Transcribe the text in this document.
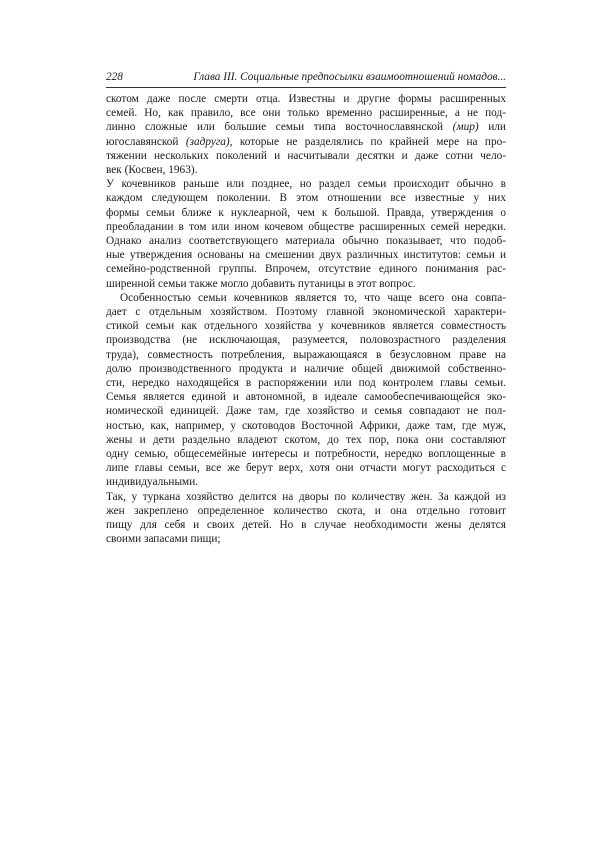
228	Глава III. Социальные предпосылки взаимоотношений номадов...

скотом даже после смерти отца. Известны и другие формы расширенных
семей. Но, как правило, все они только временно расширенные, а не под-
линно сложные или большие семьи типа восточнославянской (мир) или
югославянской (задруга), которые не разделялись по крайней мере на про-
тяжении нескольких поколений и насчитывали десятки и даже сотни чело-
век (Косвен, 1963).

У кочевников раньше или позднее, но раздел семьи происходит обычно в
каждом следующем поколении. В этом отношении все известные у них
формы семьи ближе к нуклеарной, чем к большой. Правда, утверждения о
преобладании в том или ином кочевом обществе расширенных семей нередки.
Однако анализ соответствующего материала обычно показывает, что подоб-
ные утверждения основаны на смешении двух различных институтов: семьи и
семейно-родственной группы. Впрочем, отсутствие единого понимания рас-
ширенной семьи также могло добавить путаницы в этот вопрос.

Особенностью семьи кочевников является то, что чаще всего она совпа-
дает с отдельным хозяйством. Поэтому главной экономической характери-
стикой семьи как отдельного хозяйства у кочевников является совместность
производства (не исключающая, разумеется, половозрастного разделения
труда), совместность потребления, выражающаяся в безусловном праве на
долю производственного продукта и наличие общей движимой собственно-
сти, нередко находящейся в распоряжении или под контролем главы семьи.
Семья является единой и автономной, в идеале самообеспечивающейся эко-
номической единицей. Даже там, где хозяйство и семья совпадают не пол-
ностью, как, например, у скотоводов Восточной Африки, даже там, где муж,
жены и дети раздельно владеют скотом, до тех пор, пока они составляют
одну семью, общесемейные интересы и потребности, нередко воплощенные в
липе главы семьи, все же берут верх, хотя они отчасти могут расходиться с
индивидуальными.

Так, у туркана хозяйство делится на дворы по количеству жен. За каждой из
жен закреплено определенное количество скота, и она отдельно готовит
пищу для себя и своих детей. Но в случае необходимости жены делятся
своими запасами пищи;
